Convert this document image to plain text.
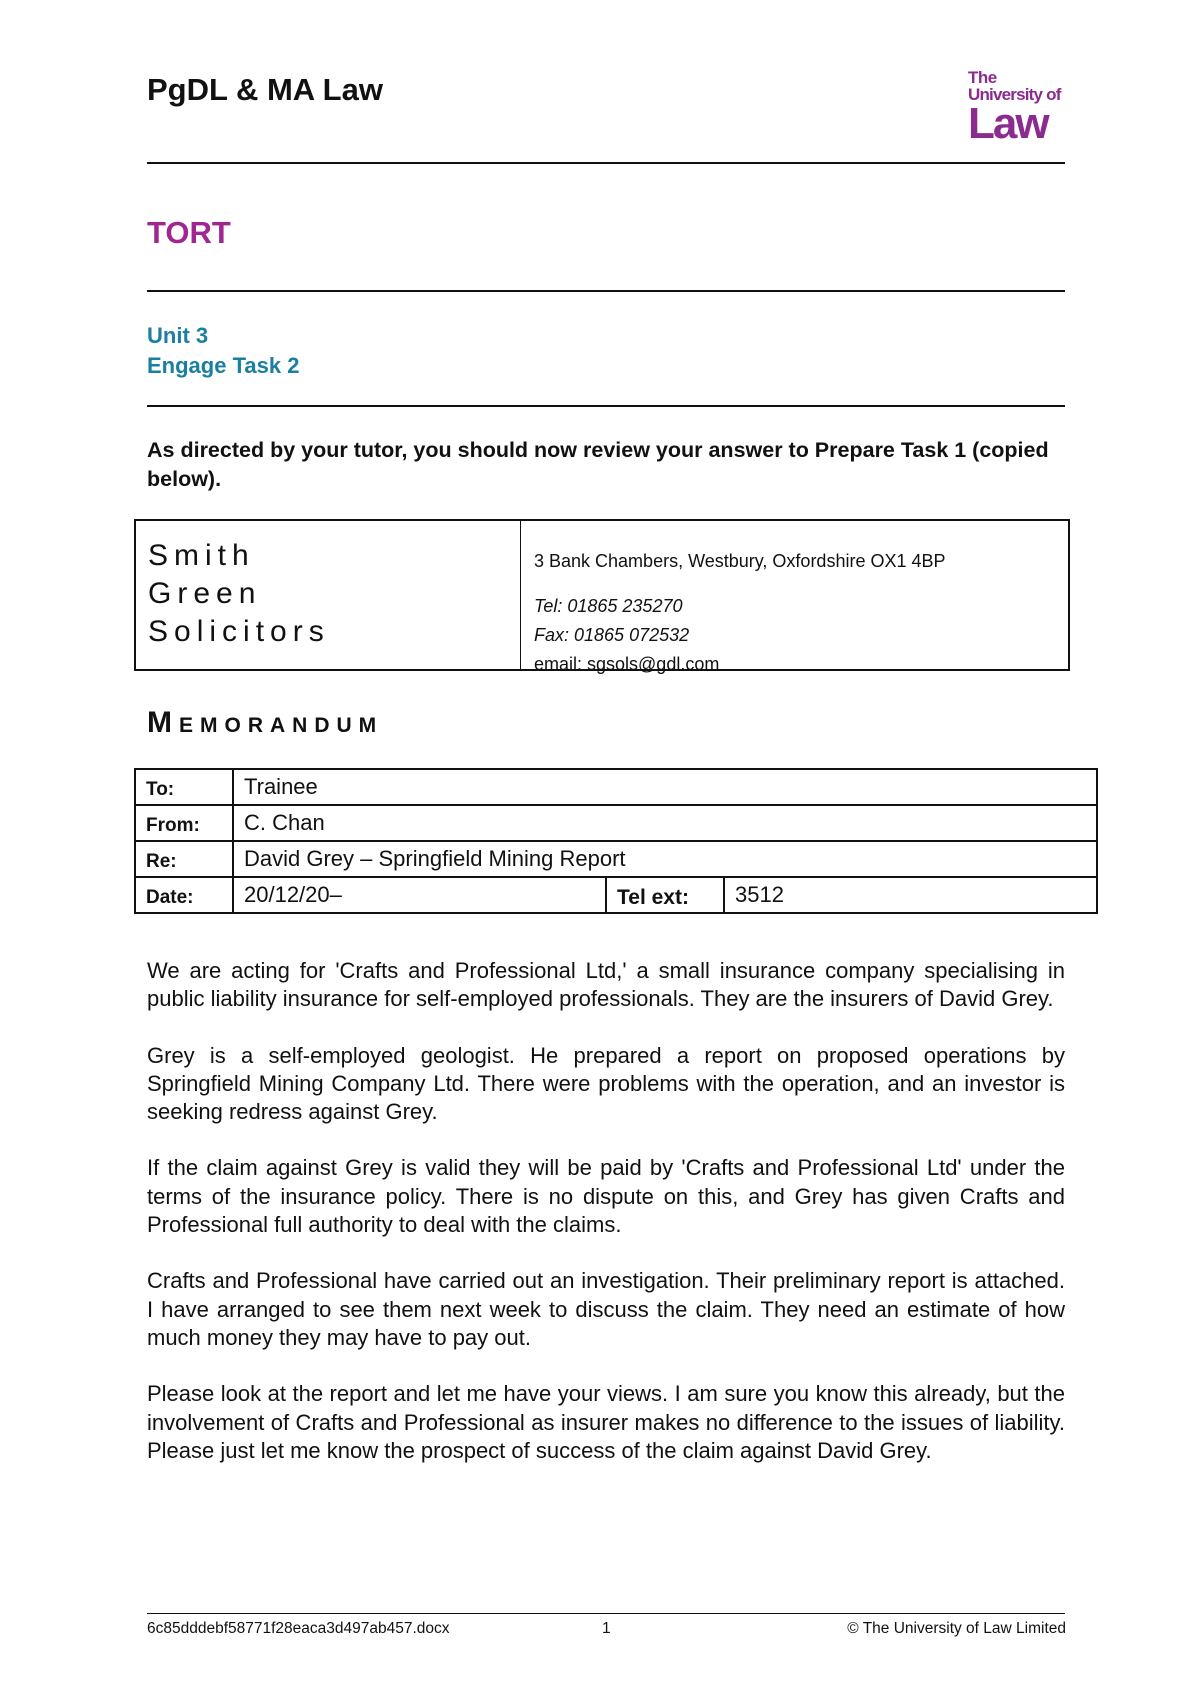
PgDL & MA Law	The
University of
Law
TORT
Unit 3
Engage Task 2
As directed by your tutor, you should now review your answer to Prepare Task 1 (copied below).
Smith
Green
Solicitors
3 Bank Chambers, Westbury, Oxfordshire OX1 4BP
Tel: 01865 235270
Fax: 01865 072532
email: sgsols@gdl.com
MEMORANDUM
To:	Trainee		
From:	C. Chan		
Re:	David Grey – Springfield Mining Report		
Date:	20/12/20–	Tel ext:	3512

We are acting for 'Crafts and Professional Ltd,' a small insurance company specialising in public liability insurance for self-employed professionals. They are the insurers of David Grey.

Grey is a self-employed geologist. He prepared a report on proposed operations by Springfield Mining Company Ltd. There were problems with the operation, and an investor is seeking redress against Grey.

If the claim against Grey is valid they will be paid by 'Crafts and Professional Ltd' under the terms of the insurance policy. There is no dispute on this, and Grey has given Crafts and Professional full authority to deal with the claims.

Crafts and Professional have carried out an investigation. Their preliminary report is attached. I have arranged to see them next week to discuss the claim. They need an estimate of how much money they may have to pay out.

Please look at the report and let me have your views. I am sure you know this already, but the involvement of Crafts and Professional as insurer makes no difference to the issues of liability. Please just let me know the prospect of success of the claim against David Grey.

6c85dddebf58771f28eaca3d497ab457.docx	1	© The University of Law Limited
